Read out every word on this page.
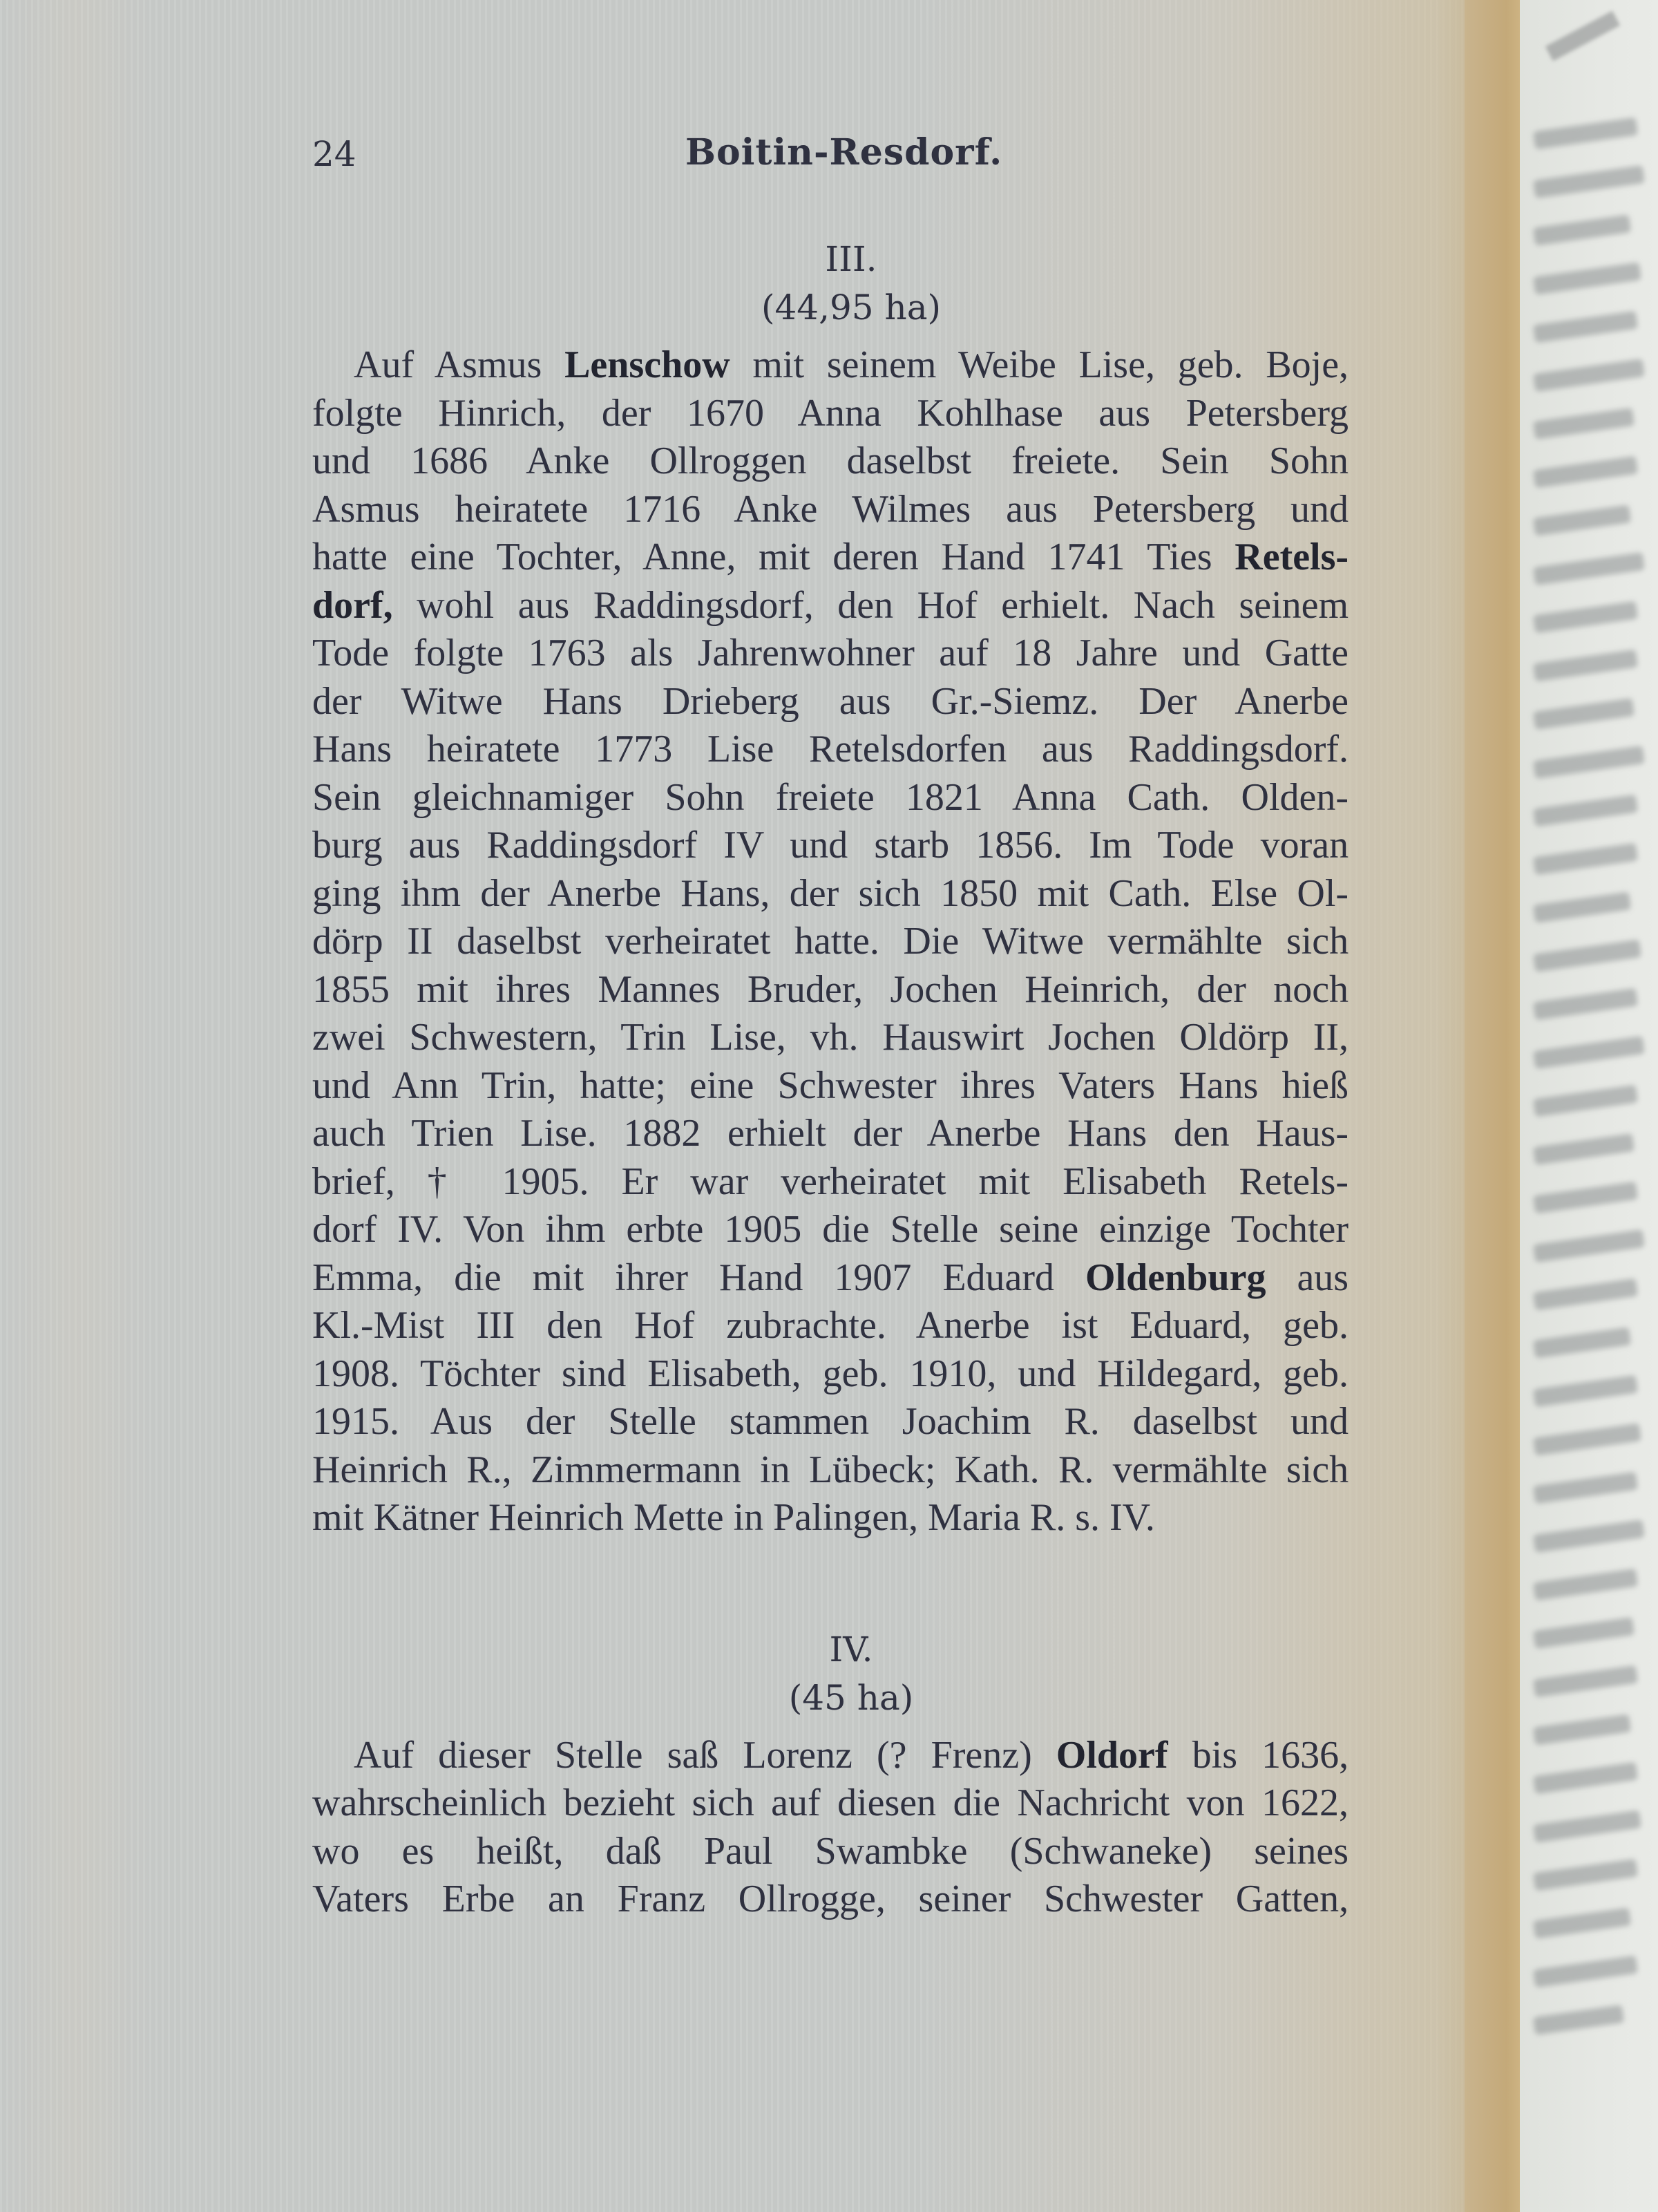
24	Boitin-Resdorf.
III.
(44,95 ha)
Auf Asmus Lenschow mit seinem Weibe Lise, geb. Boje,
folgte Hinrich, der 1670 Anna Kohlhase aus Petersberg
und 1686 Anke Ollroggen daselbst freiete. Sein Sohn
Asmus heiratete 1716 Anke Wilmes aus Petersberg und
hatte eine Tochter, Anne, mit deren Hand 1741 Ties Retels-
dorf, wohl aus Raddingsdorf, den Hof erhielt. Nach seinem
Tode folgte 1763 als Jahrenwohner auf 18 Jahre und Gatte
der Witwe Hans Drieberg aus Gr.-Siemz. Der Anerbe
Hans heiratete 1773 Lise Retelsdorfen aus Raddingsdorf.
Sein gleichnamiger Sohn freiete 1821 Anna Cath. Olden-
burg aus Raddingsdorf IV und starb 1856. Im Tode voran
ging ihm der Anerbe Hans, der sich 1850 mit Cath. Else Ol-
dörp II daselbst verheiratet hatte. Die Witwe vermählte sich
1855 mit ihres Mannes Bruder, Jochen Heinrich, der noch
zwei Schwestern, Trin Lise, vh. Hauswirt Jochen Oldörp II,
und Ann Trin, hatte; eine Schwester ihres Vaters Hans hieß
auch Trien Lise. 1882 erhielt der Anerbe Hans den Haus-
brief, † 1905. Er war verheiratet mit Elisabeth Retels-
dorf IV. Von ihm erbte 1905 die Stelle seine einzige Tochter
Emma, die mit ihrer Hand 1907 Eduard Oldenburg aus
Kl.-Mist III den Hof zubrachte. Anerbe ist Eduard, geb.
1908. Töchter sind Elisabeth, geb. 1910, und Hildegard, geb.
1915. Aus der Stelle stammen Joachim R. daselbst und
Heinrich R., Zimmermann in Lübeck; Kath. R. vermählte sich
mit Kätner Heinrich Mette in Palingen, Maria R. s. IV.
IV.
(45 ha)
Auf dieser Stelle saß Lorenz (? Frenz) Oldorf bis 1636,
wahrscheinlich bezieht sich auf diesen die Nachricht von 1622,
wo es heißt, daß Paul Swambke (Schwaneke) seines
Vaters Erbe an Franz Ollrogge, seiner Schwester Gatten,
